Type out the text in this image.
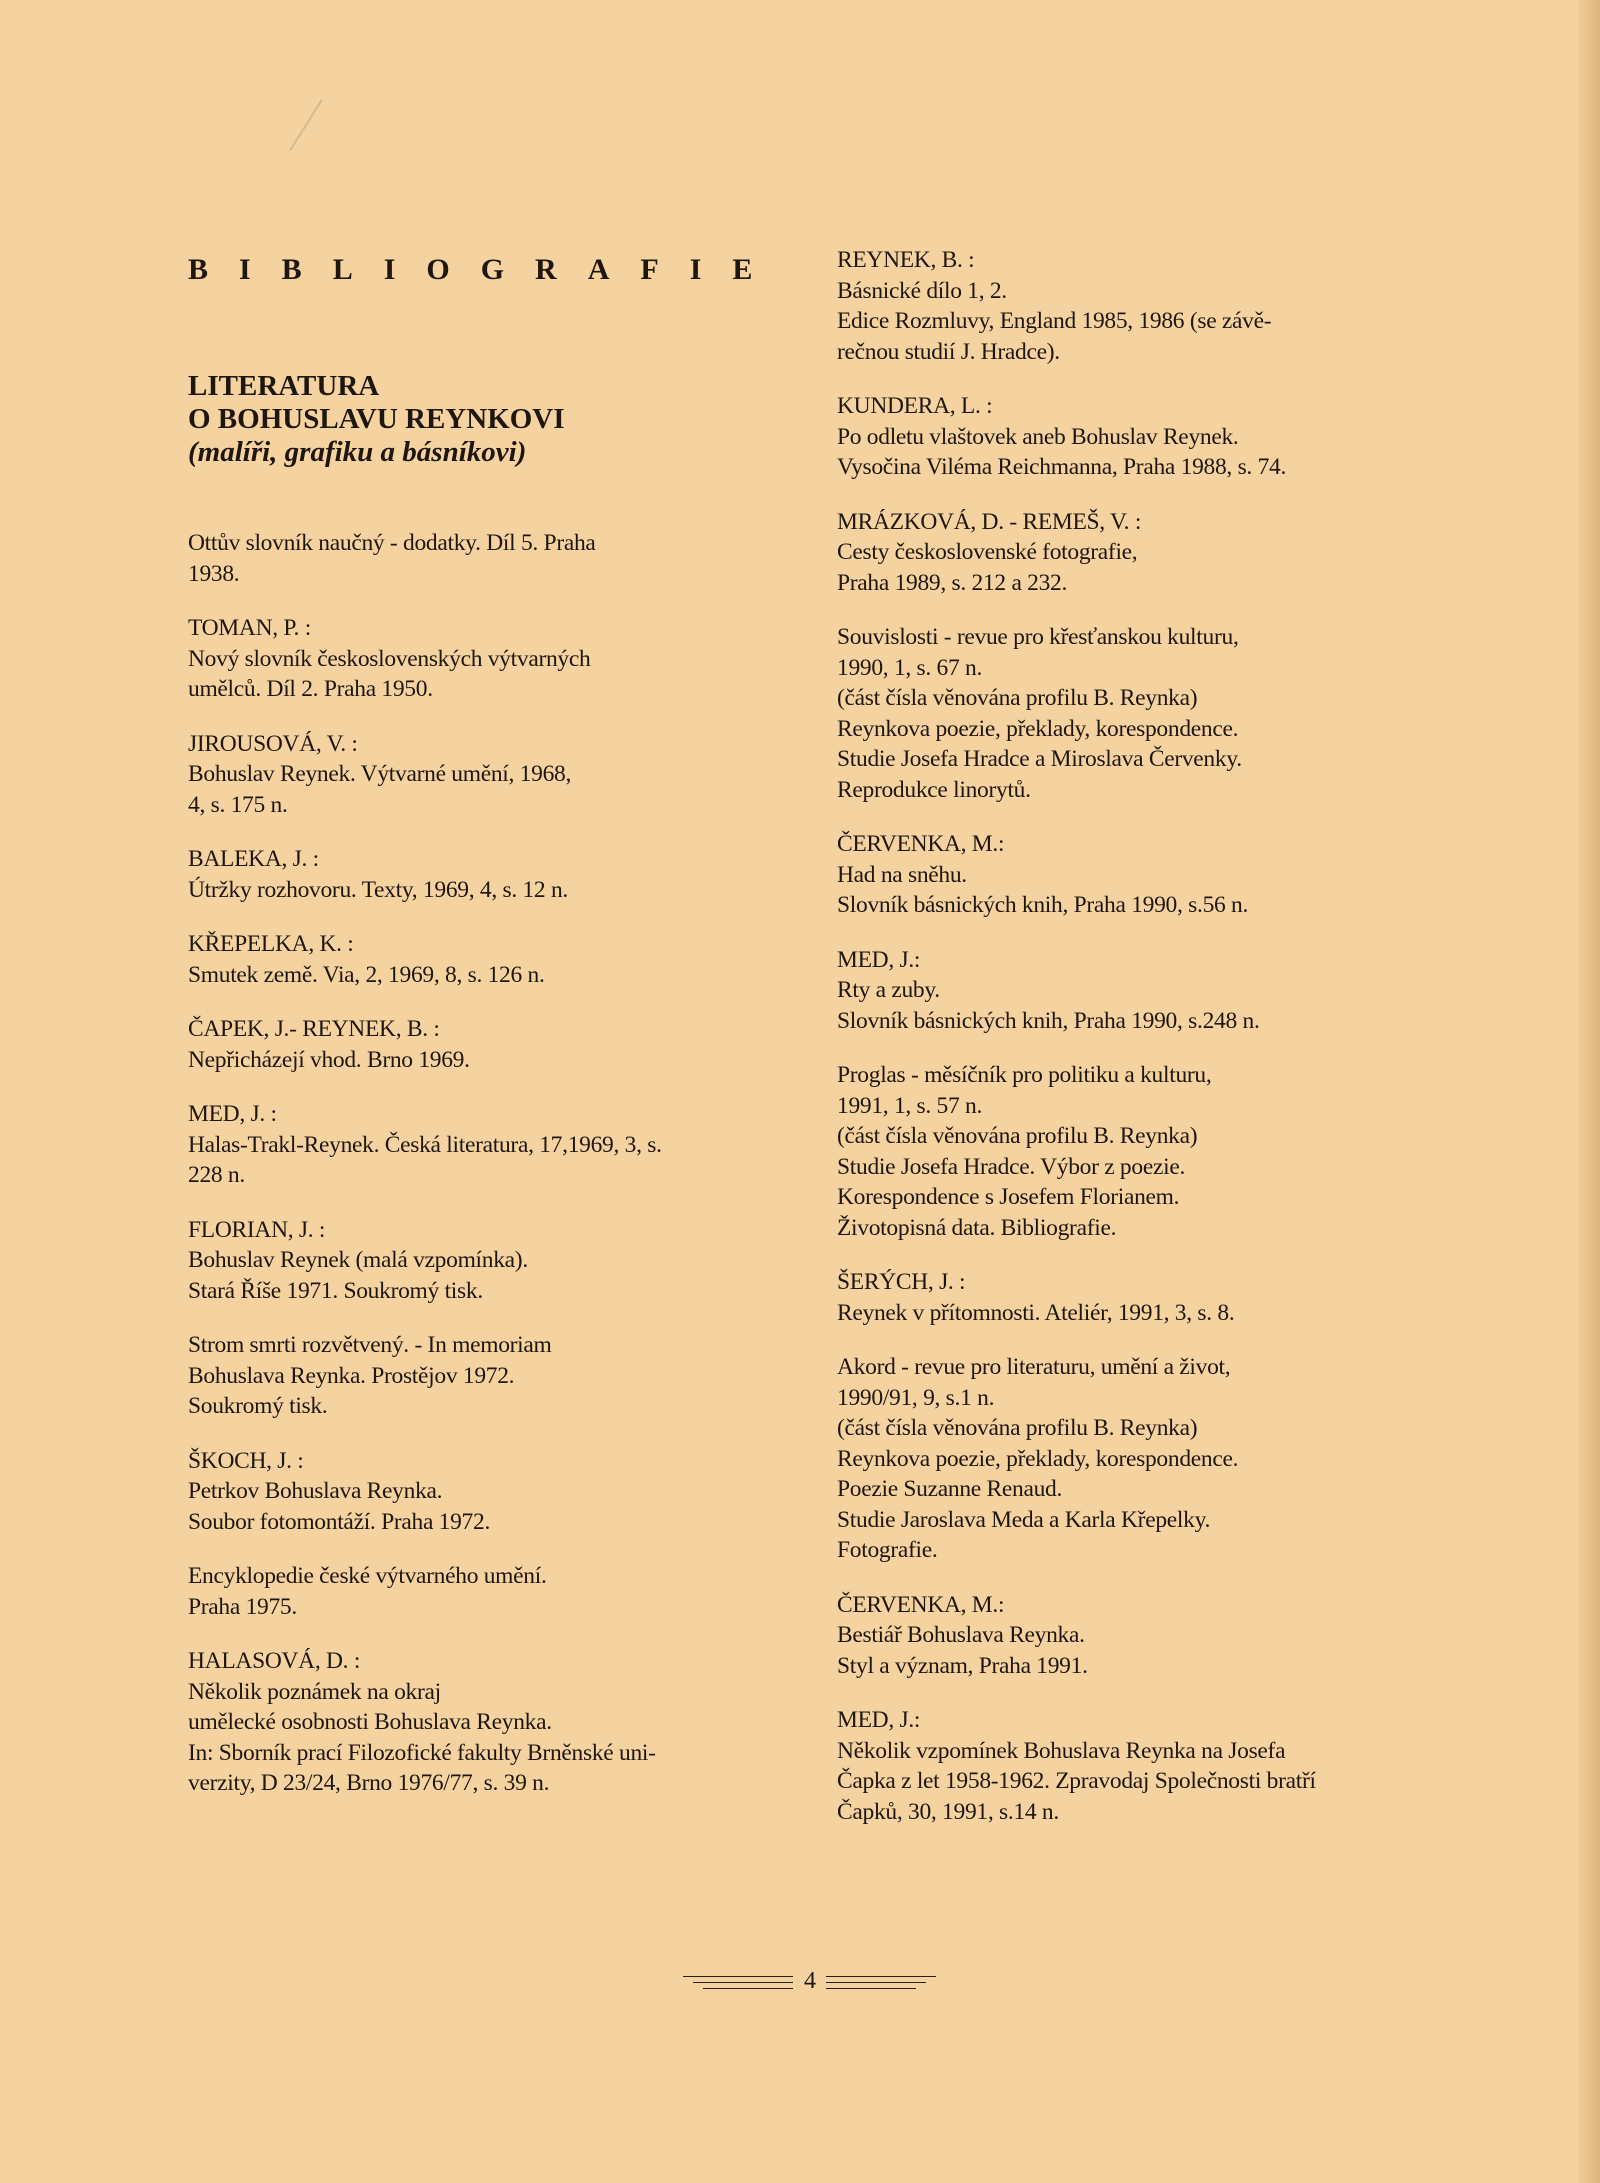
BIBLIOGRAFIE
LITERATURA
O BOHUSLAVU REYNKOVI
(malíři, grafiku a básníkovi)
Ottův slovník naučný - dodatky. Díl 5. Praha
1938.
TOMAN, P. :
Nový slovník československých výtvarných
umělců. Díl 2. Praha 1950.
JIROUSOVÁ, V. :
Bohuslav Reynek. Výtvarné umění, 1968,
4, s. 175 n.
BALEKA, J. :
Útržky rozhovoru. Texty, 1969, 4, s. 12 n.
KŘEPELKA, K. :
Smutek země. Via, 2, 1969, 8, s. 126 n.
ČAPEK, J.- REYNEK, B. :
Nepřicházejí vhod. Brno 1969.
MED, J. :
Halas-Trakl-Reynek. Česká literatura, 17,1969, 3, s.
228 n.
FLORIAN, J. :
Bohuslav Reynek (malá vzpomínka).
Stará Říše 1971. Soukromý tisk.
Strom smrti rozvětvený. - In memoriam
Bohuslava Reynka. Prostějov 1972.
Soukromý tisk.
ŠKOCH, J. :
Petrkov Bohuslava Reynka.
Soubor fotomontáží. Praha 1972.
Encyklopedie české výtvarného umění.
Praha 1975.
HALASOVÁ, D. :
Několik poznámek na okraj
umělecké osobnosti Bohuslava Reynka.
In: Sborník prací Filozofické fakulty Brněnské uni-
verzity, D 23/24, Brno 1976/77, s. 39 n.
REYNEK, B. :
Básnické dílo 1, 2.
Edice Rozmluvy, England 1985, 1986 (se závě-
rečnou studií J. Hradce).
KUNDERA, L. :
Po odletu vlaštovek aneb Bohuslav Reynek.
Vysočina Viléma Reichmanna, Praha 1988, s. 74.
MRÁZKOVÁ, D. - REMEŠ, V. :
Cesty československé fotografie,
Praha 1989, s. 212 a 232.
Souvislosti - revue pro křesťanskou kulturu,
1990, 1, s. 67 n.
(část čísla věnována profilu B. Reynka)
Reynkova poezie, překlady, korespondence.
Studie Josefa Hradce a Miroslava Červenky.
Reprodukce linorytů.
ČERVENKA, M.:
Had na sněhu.
Slovník básnických knih, Praha 1990, s.56 n.
MED, J.:
Rty a zuby.
Slovník básnických knih, Praha 1990, s.248 n.
Proglas - měsíčník pro politiku a kulturu,
1991, 1, s. 57 n.
(část čísla věnována profilu B. Reynka)
Studie Josefa Hradce. Výbor z poezie.
Korespondence s Josefem Florianem.
Životopisná data. Bibliografie.
ŠERÝCH, J. :
Reynek v přítomnosti. Ateliér, 1991, 3, s. 8.
Akord - revue pro literaturu, umění a život,
1990/91, 9, s.1 n.
(část čísla věnována profilu B. Reynka)
Reynkova poezie, překlady, korespondence.
Poezie Suzanne Renaud.
Studie Jaroslava Meda a Karla Křepelky.
Fotografie.
ČERVENKA, M.:
Bestiář Bohuslava Reynka.
Styl a význam, Praha 1991.
MED, J.:
Několik vzpomínek Bohuslava Reynka na Josefa
Čapka z let 1958-1962. Zpravodaj Společnosti bratří
Čapků, 30, 1991, s.14 n.
4
